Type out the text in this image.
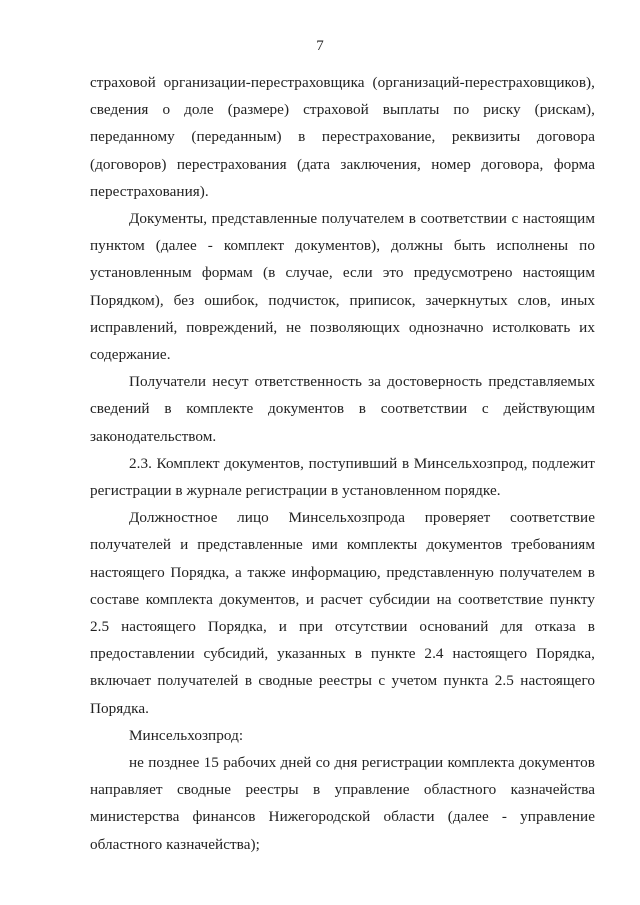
7

страховой организации-перестраховщика (организаций-перестраховщиков), сведения о доле (размере) страховой выплаты по риску (рискам), переданному (переданным) в перестрахование, реквизиты договора (договоров) перестрахования (дата заключения, номер договора, форма перестрахования).

Документы, представленные получателем в соответствии с настоящим пунктом (далее - комплект документов), должны быть исполнены по установленным формам (в случае, если это предусмотрено настоящим Порядком), без ошибок, подчисток, приписок, зачеркнутых слов, иных исправлений, повреждений, не позволяющих однозначно истолковать их содержание.

Получатели несут ответственность за достоверность представляемых сведений в комплекте документов в соответствии с действующим законодательством.

2.3. Комплект документов, поступивший в Минсельхозпрод, подлежит регистрации в журнале регистрации в установленном порядке.

Должностное лицо Минсельхозпрода проверяет соответствие получателей и представленные ими комплекты документов требованиям настоящего Порядка, а также информацию, представленную получателем в составе комплекта документов, и расчет субсидии на соответствие пункту 2.5 настоящего Порядка, и при отсутствии оснований для отказа в предоставлении субсидий, указанных в пункте 2.4 настоящего Порядка, включает получателей в сводные реестры с учетом пункта 2.5 настоящего Порядка.

Минсельхозпрод:

не позднее 15 рабочих дней со дня регистрации комплекта документов направляет сводные реестры в управление областного казначейства министерства финансов Нижегородской области (далее - управление областного казначейства);
